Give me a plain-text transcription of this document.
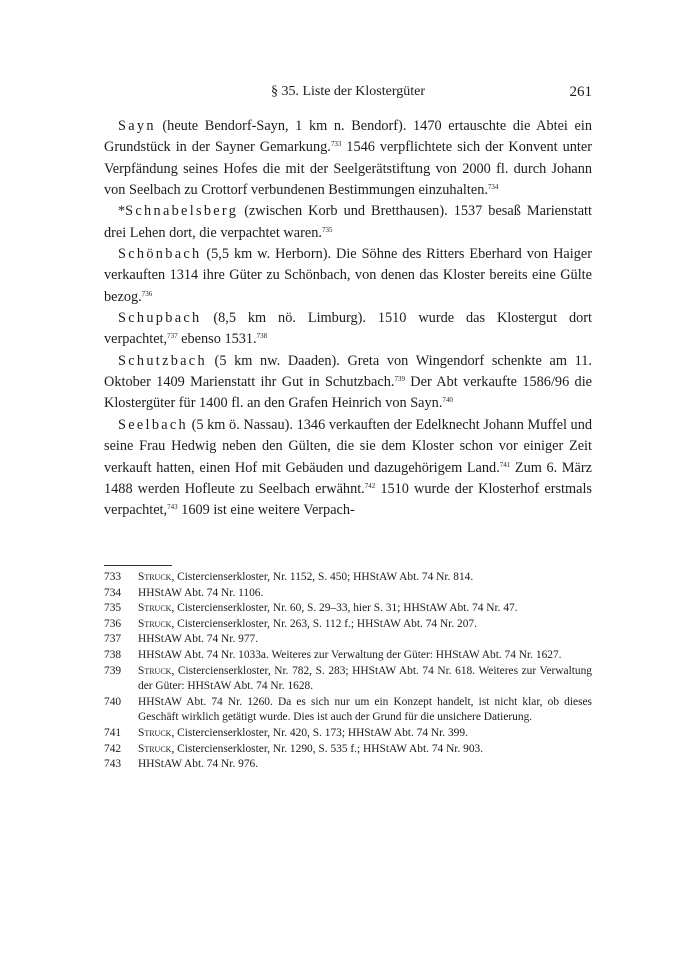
§ 35. Liste der Klostergüter	261

Sayn (heute Bendorf-Sayn, 1 km n. Bendorf). 1470 ertauschte die Abtei ein Grundstück in der Sayner Gemarkung.$^{733}$ 1546 verpflichtete sich der Konvent unter Verpfändung seines Hofes die mit der Seelgerätstiftung von 2000 fl. durch Johann von Seelbach zu Crottorf verbundenen Bestimmungen einzuhalten.$^{734}$

*Schnabelsberg (zwischen Korb und Bretthausen). 1537 besaß Marienstatt drei Lehen dort, die verpachtet waren.$^{735}$

Schönbach (5,5 km w. Herborn). Die Söhne des Ritters Eberhard von Haiger verkauften 1314 ihre Güter zu Schönbach, von denen das Kloster bereits eine Gülte bezog.$^{736}$

Schupbach (8,5 km nö. Limburg). 1510 wurde das Klostergut dort verpachtet,$^{737}$ ebenso 1531.$^{738}$

Schutzbach (5 km nw. Daaden). Greta von Wingendorf schenkte am 11. Oktober 1409 Marienstatt ihr Gut in Schutzbach.$^{739}$ Der Abt verkaufte 1586/96 die Klostergüter für 1400 fl. an den Grafen Heinrich von Sayn.$^{740}$

Seelbach (5 km ö. Nassau). 1346 verkauften der Edelknecht Johann Muffel und seine Frau Hedwig neben den Gülten, die sie dem Kloster schon vor einiger Zeit verkauft hatten, einen Hof mit Gebäuden und dazugehörigem Land.$^{741}$ Zum 6. März 1488 werden Hofleute zu Seelbach erwähnt.$^{742}$ 1510 wurde der Klosterhof erstmals verpachtet,$^{743}$ 1609 ist eine weitere Verpach-

733 Struck, Cistercienserkloster, Nr. 1152, S. 450; HHStAW Abt. 74 Nr. 814.
734 HHStAW Abt. 74 Nr. 1106.
735 Struck, Cistercienserkloster, Nr. 60, S. 29–33, hier S. 31; HHStAW Abt. 74 Nr. 47.
736 Struck, Cistercienserkloster, Nr. 263, S. 112 f.; HHStAW Abt. 74 Nr. 207.
737 HHStAW Abt. 74 Nr. 977.
738 HHStAW Abt. 74 Nr. 1033a. Weiteres zur Verwaltung der Güter: HHStAW Abt. 74 Nr. 1627.
739 Struck, Cistercienserkloster, Nr. 782, S. 283; HHStAW Abt. 74 Nr. 618. Weiteres zur Verwaltung der Güter: HHStAW Abt. 74 Nr. 1628.
740 HHStAW Abt. 74 Nr. 1260. Da es sich nur um ein Konzept handelt, ist nicht klar, ob dieses Geschäft wirklich getätigt wurde. Dies ist auch der Grund für die unsichere Datierung.
741 Struck, Cistercienserkloster, Nr. 420, S. 173; HHStAW Abt. 74 Nr. 399.
742 Struck, Cistercienserkloster, Nr. 1290, S. 535 f.; HHStAW Abt. 74 Nr. 903.
743 HHStAW Abt. 74 Nr. 976.
